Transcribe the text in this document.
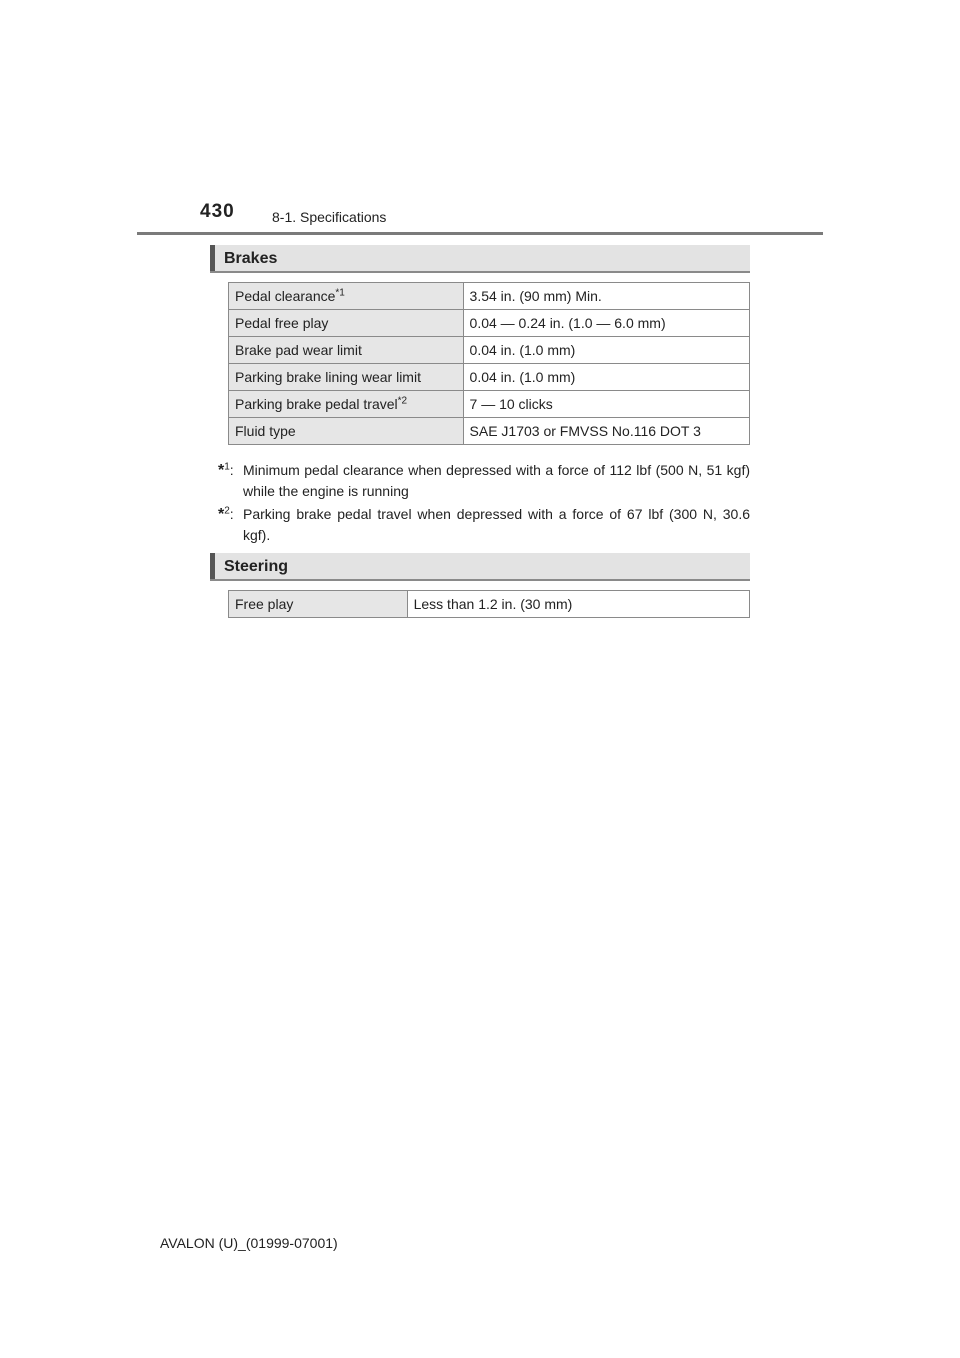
430	8-1. Specifications
Brakes
Pedal clearance$^{*1}$	3.54 in. (90 mm) Min.
Pedal free play	0.04 — 0.24 in. (1.0 — 6.0 mm)
Brake pad wear limit	0.04 in. (1.0 mm)
Parking brake lining wear limit	0.04 in. (1.0 mm)
Parking brake pedal travel$^{*2}$	7 — 10 clicks
Fluid type	SAE J1703 or FMVSS No.116 DOT 3
*$^1$: Minimum pedal clearance when depressed with a force of 112 lbf (500 N, 51 kgf) while the engine is running
*$^2$: Parking brake pedal travel when depressed with a force of 67 lbf (300 N, 30.6 kgf).
Steering
Free play	Less than 1.2 in. (30 mm)
AVALON (U)_(01999-07001)
